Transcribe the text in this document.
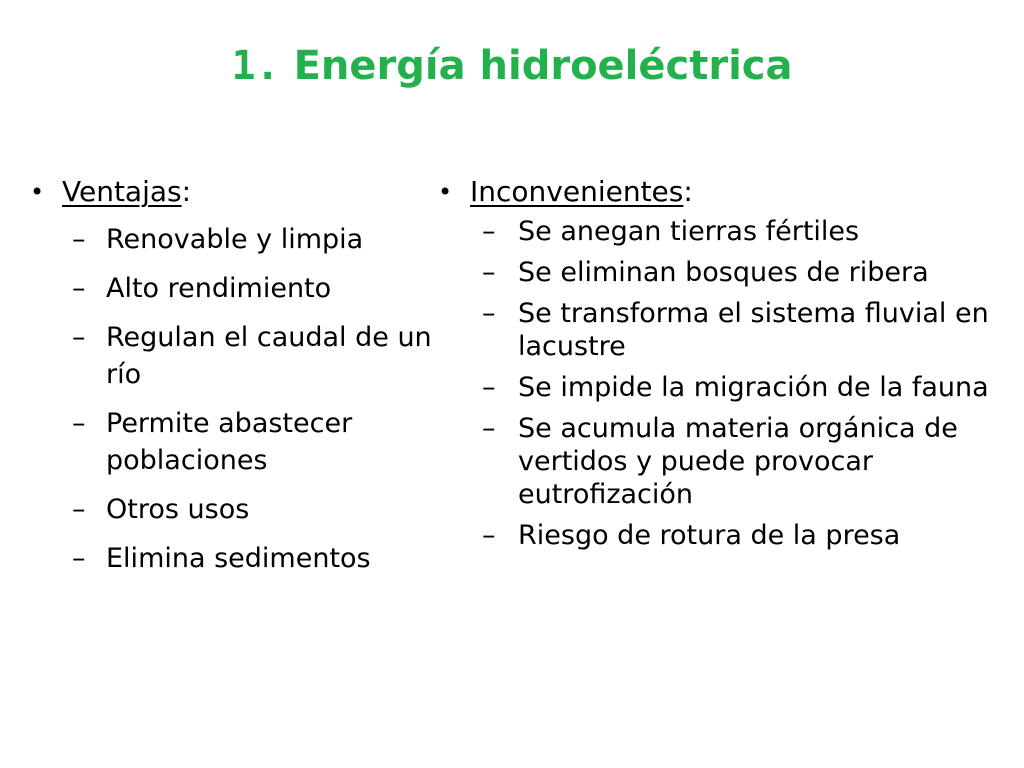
1. Energía hidroeléctrica
• Ventajas:
– Renovable y limpia
– Alto rendimiento
– Regulan el caudal de un río
– Permite abastecer poblaciones
– Otros usos
– Elimina sedimentos
• Inconvenientes:
– Se anegan tierras fértiles
– Se eliminan bosques de ribera
– Se transforma el sistema fluvial en lacustre
– Se impide la migración de la fauna
– Se acumula materia orgánica de vertidos y puede provocar eutrofización
– Riesgo de rotura de la presa
